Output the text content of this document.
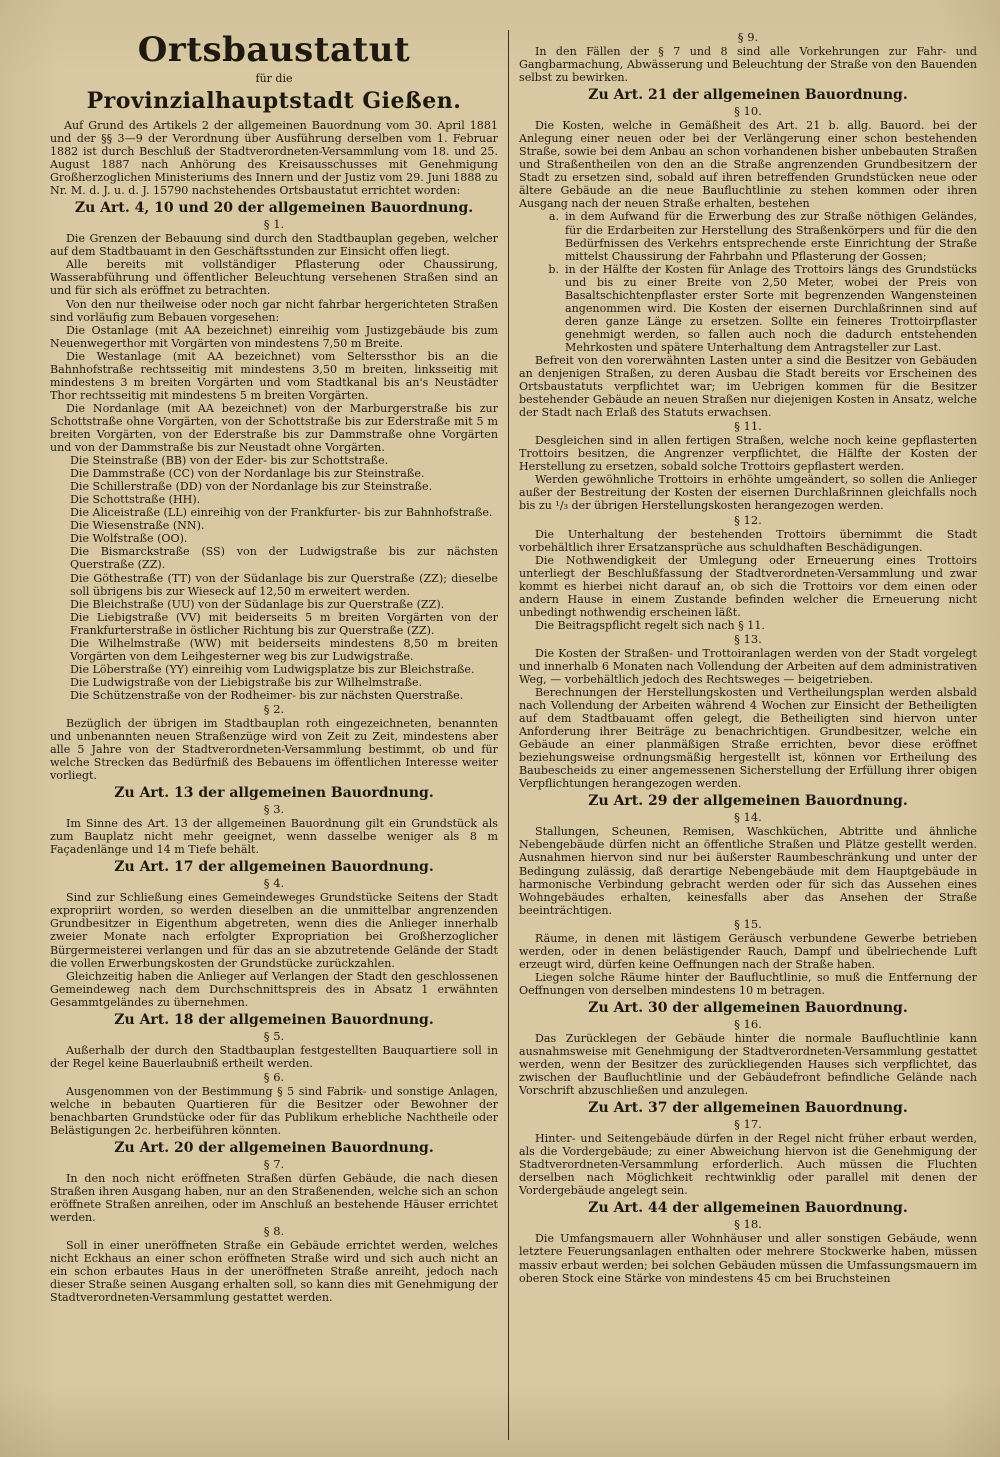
Ortsbaustatut
für die
Provinzialhauptstadt Gießen.

Auf Grund des Artikels 2 der allgemeinen Bauordnung vom 30. April 1881 und der §§ 3—9 der Verordnung über Ausführung derselben vom 1. Februar 1882 ist durch Beschluß der Stadtverordneten-Versammlung vom 18. und 25. August 1887 nach Anhörung des Kreisausschusses mit Genehmigung Großherzoglichen Ministeriums des Innern und der Justiz vom 29. Juni 1888 zu Nr. M. d. J. u. d. J. 15790 nachstehendes Ortsbaustatut errichtet worden:

Zu Art. 4, 10 und 20 der allgemeinen Bauordnung.
§ 1.

Die Grenzen der Bebauung sind durch den Stadtbauplan gegeben, welcher auf dem Stadtbauamt in den Geschäftsstunden zur Einsicht offen liegt.

Alle bereits mit vollständiger Pflasterung oder Chaussirung, Wasserabführung und öffentlicher Beleuchtung versehenen Straßen sind an und für sich als eröffnet zu betrachten.

Von den nur theilweise oder noch gar nicht fahrbar hergerichteten Straßen sind vorläufig zum Bebauen vorgesehen:

Die Ostanlage (mit AA bezeichnet) einreihig vom Justizgebäude bis zum Neuenwegerthor mit Vorgärten von mindestens 7,50 m Breite.

Die Westanlage (mit AA bezeichnet) vom Selterssthor bis an die Bahnhofstraße rechtsseitig mit mindestens 3,50 m breiten, linksseitig mit mindestens 3 m breiten Vorgärten und vom Stadtkanal bis an's Neustädter Thor rechtsseitig mit mindestens 5 m breiten Vorgärten.

Die Nordanlage (mit AA bezeichnet) von der Marburgerstraße bis zur Schottstraße ohne Vorgärten, von der Schottstraße bis zur Ederstraße mit 5 m breiten Vorgärten, von der Ederstraße bis zur Dammstraße ohne Vorgärten und von der Dammstraße bis zur Neustadt ohne Vorgärten.

Die Steinstraße (BB) von der Eder- bis zur Schottstraße.

Die Dammstraße (CC) von der Nordanlage bis zur Steinstraße.

Die Schillerstraße (DD) von der Nordanlage bis zur Steinstraße.

Die Schottstraße (HH).

Die Aliceistraße (LL) einreihig von der Frankfurter- bis zur Bahnhofstraße.

Die Wiesenstraße (NN).

Die Wolfstraße (OO).

Die Bismarckstraße (SS) von der Ludwigstraße bis zur nächsten Querstraße (ZZ).

Die Göthestraße (TT) von der Südanlage bis zur Querstraße (ZZ); dieselbe soll übrigens bis zur Wieseck auf 12,50 m erweitert werden.

Die Bleichstraße (UU) von der Südanlage bis zur Querstraße (ZZ).

Die Liebigstraße (VV) mit beiderseits 5 m breiten Vorgärten von der Frankfurterstraße in östlicher Richtung bis zur Querstraße (ZZ).

Die Wilhelmstraße (WW) mit beiderseits mindestens 8,50 m breiten Vorgärten von dem Leihgesterner weg bis zur Ludwigstraße.

Die Löberstraße (YY) einreihig vom Ludwigsplatze bis zur Bleichstraße.

Die Ludwigstraße von der Liebigstraße bis zur Wilhelmstraße.

Die Schützenstraße von der Rodheimer- bis zur nächsten Querstraße.

§ 2.

Bezüglich der übrigen im Stadtbauplan roth eingezeichneten, benannten und unbenannten neuen Straßenzüge wird von Zeit zu Zeit, mindestens aber alle 5 Jahre von der Stadtverordneten-Versammlung bestimmt, ob und für welche Strecken das Bedürfniß des Bebauens im öffentlichen Interesse weiter vorliegt.

Zu Art. 13 der allgemeinen Bauordnung.
§ 3.

Im Sinne des Art. 13 der allgemeinen Bauordnung gilt ein Grundstück als zum Bauplatz nicht mehr geeignet, wenn dasselbe weniger als 8 m Façadenlänge und 14 m Tiefe behält.

Zu Art. 17 der allgemeinen Bauordnung.
§ 4.

Sind zur Schließung eines Gemeindeweges Grundstücke Seitens der Stadt expropriirt worden, so werden dieselben an die unmittelbar angrenzenden Grundbesitzer in Eigenthum abgetreten, wenn dies die Anlieger innerhalb zweier Monate nach erfolgter Expropriation bei Großherzoglicher Bürgermeisterei verlangen und für das an sie abzutretende Gelände der Stadt die vollen Erwerbungskosten der Grundstücke zurückzahlen.

Gleichzeitig haben die Anlieger auf Verlangen der Stadt den geschlossenen Gemeindeweg nach dem Durchschnittspreis des in Absatz 1 erwähnten Gesammtgeländes zu übernehmen.

Zu Art. 18 der allgemeinen Bauordnung.
§ 5.

Außerhalb der durch den Stadtbauplan festgestellten Bauquartiere soll in der Regel keine Bauerlaubniß ertheilt werden.

§ 6.

Ausgenommen von der Bestimmung § 5 sind Fabrik- und sonstige Anlagen, welche in bebauten Quartieren für die Besitzer oder Bewohner der benachbarten Grundstücke oder für das Publikum erhebliche Nachtheile oder Belästigungen 2c. herbeiführen könnten.

Zu Art. 20 der allgemeinen Bauordnung.
§ 7.

In den noch nicht eröffneten Straßen dürfen Gebäude, die nach diesen Straßen ihren Ausgang haben, nur an den Straßenenden, welche sich an schon eröffnete Straßen anreihen, oder im Anschluß an bestehende Häuser errichtet werden.

§ 8.

Soll in einer uneröffneten Straße ein Gebäude errichtet werden, welches nicht Eckhaus an einer schon eröffneten Straße wird und sich auch nicht an ein schon erbautes Haus in der uneröffneten Straße anreiht, jedoch nach dieser Straße seinen Ausgang erhalten soll, so kann dies mit Genehmigung der Stadtverordneten-Versammlung gestattet werden.

§ 9.

In den Fällen der § 7 und 8 sind alle Vorkehrungen zur Fahr- und Gangbarmachung, Abwässerung und Beleuchtung der Straße von den Bauenden selbst zu bewirken.

Zu Art. 21 der allgemeinen Bauordnung.
§ 10.

Die Kosten, welche in Gemäßheit des Art. 21 b. allg. Bauord. bei der Anlegung einer neuen oder bei der Verlängerung einer schon bestehenden Straße, sowie bei dem Anbau an schon vorhandenen bisher unbebauten Straßen und Straßentheilen von den an die Straße angrenzenden Grundbesitzern der Stadt zu ersetzen sind, sobald auf ihren betreffenden Grundstücken neue oder ältere Gebäude an die neue Baufluchtlinie zu stehen kommen oder ihren Ausgang nach der neuen Straße erhalten, bestehen

a. in dem Aufwand für die Erwerbung des zur Straße nöthigen Geländes, für die Erdarbeiten zur Herstellung des Straßenkörpers und für die den Bedürfnissen des Verkehrs entsprechende erste Einrichtung der Straße mittelst Chaussirung der Fahrbahn und Pflasterung der Gossen;
b. in der Hälfte der Kosten für Anlage des Trottoirs längs des Grundstücks und bis zu einer Breite von 2,50 Meter, wobei der Preis von Basaltschichtenpflaster erster Sorte mit begrenzenden Wangensteinen angenommen wird. Die Kosten der eisernen Durchlaßrinnen sind auf deren ganze Länge zu ersetzen. Sollte ein feineres Trottoirpflaster genehmigt werden, so fallen auch noch die dadurch entstehenden Mehrkosten und spätere Unterhaltung dem Antragsteller zur Last.

Befreit von den vorerwähnten Lasten unter a sind die Besitzer von Gebäuden an denjenigen Straßen, zu deren Ausbau die Stadt bereits vor Erscheinen des Ortsbaustatuts verpflichtet war; im Uebrigen kommen für die Besitzer bestehender Gebäude an neuen Straßen nur diejenigen Kosten in Ansatz, welche der Stadt nach Erlaß des Statuts erwachsen.

§ 11.

Desgleichen sind in allen fertigen Straßen, welche noch keine gepflasterten Trottoirs besitzen, die Angrenzer verpflichtet, die Hälfte der Kosten der Herstellung zu ersetzen, sobald solche Trottoirs gepflastert werden.

Werden gewöhnliche Trottoirs in erhöhte umgeändert, so sollen die Anlieger außer der Bestreitung der Kosten der eisernen Durchlaßrinnen gleichfalls noch bis zu ¹/₃ der übrigen Herstellungskosten herangezogen werden.

§ 12.

Die Unterhaltung der bestehenden Trottoirs übernimmt die Stadt vorbehältlich ihrer Ersatzansprüche aus schuldhaften Beschädigungen.

Die Nothwendigkeit der Umlegung oder Erneuerung eines Trottoirs unterliegt der Beschlußfassung der Stadtverordneten-Versammlung und zwar kommt es hierbei nicht darauf an, ob sich die Trottoirs vor dem einen oder andern Hause in einem Zustande befinden welcher die Erneuerung nicht unbedingt nothwendig erscheinen läßt.

Die Beitragspflicht regelt sich nach § 11.

§ 13.

Die Kosten der Straßen- und Trottoiranlagen werden von der Stadt vorgelegt und innerhalb 6 Monaten nach Vollendung der Arbeiten auf dem administrativen Weg, — vorbehältlich jedoch des Rechtsweges — beigetrieben.

Berechnungen der Herstellungskosten und Vertheilungsplan werden alsbald nach Vollendung der Arbeiten während 4 Wochen zur Einsicht der Betheiligten auf dem Stadtbauamt offen gelegt, die Betheiligten sind hiervon unter Anforderung ihrer Beiträge zu benachrichtigen. Grundbesitzer, welche ein Gebäude an einer planmäßigen Straße errichten, bevor diese eröffnet beziehungsweise ordnungsmäßig hergestellt ist, können vor Ertheilung des Baubescheids zu einer angemessenen Sicherstellung der Erfüllung ihrer obigen Verpflichtungen herangezogen werden.

Zu Art. 29 der allgemeinen Bauordnung.
§ 14.

Stallungen, Scheunen, Remisen, Waschküchen, Abtritte und ähnliche Nebengebäude dürfen nicht an öffentliche Straßen und Plätze gestellt werden. Ausnahmen hiervon sind nur bei äußerster Raumbeschränkung und unter der Bedingung zulässig, daß derartige Nebengebäude mit dem Hauptgebäude in harmonische Verbindung gebracht werden oder für sich das Aussehen eines Wohngebäudes erhalten, keinesfalls aber das Ansehen der Straße beeinträchtigen.

§ 15.

Räume, in denen mit lästigem Geräusch verbundene Gewerbe betrieben werden, oder in denen belästigender Rauch, Dampf und übelriechende Luft erzeugt wird, dürfen keine Oeffnungen nach der Straße haben.

Liegen solche Räume hinter der Baufluchtlinie, so muß die Entfernung der Oeffnungen von derselben mindestens 10 m betragen.

Zu Art. 30 der allgemeinen Bauordnung.
§ 16.

Das Zurücklegen der Gebäude hinter die normale Baufluchtlinie kann ausnahmsweise mit Genehmigung der Stadtverordneten-Versammlung gestattet werden, wenn der Besitzer des zurückliegenden Hauses sich verpflichtet, das zwischen der Baufluchtlinie und der Gebäudefront befindliche Gelände nach Vorschrift abzuschließen und anzulegen.

Zu Art. 37 der allgemeinen Bauordnung.
§ 17.

Hinter- und Seitengebäude dürfen in der Regel nicht früher erbaut werden, als die Vordergebäude; zu einer Abweichung hiervon ist die Genehmigung der Stadtverordneten-Versammlung erforderlich. Auch müssen die Fluchten derselben nach Möglichkeit rechtwinklig oder parallel mit denen der Vordergebäude angelegt sein.

Zu Art. 44 der allgemeinen Bauordnung.
§ 18.

Die Umfangsmauern aller Wohnhäuser und aller sonstigen Gebäude, wenn letztere Feuerungsanlagen enthalten oder mehrere Stockwerke haben, müssen massiv erbaut werden; bei solchen Gebäuden müssen die Umfassungsmauern im oberen Stock eine Stärke von mindestens 45 cm bei Bruchsteinen
